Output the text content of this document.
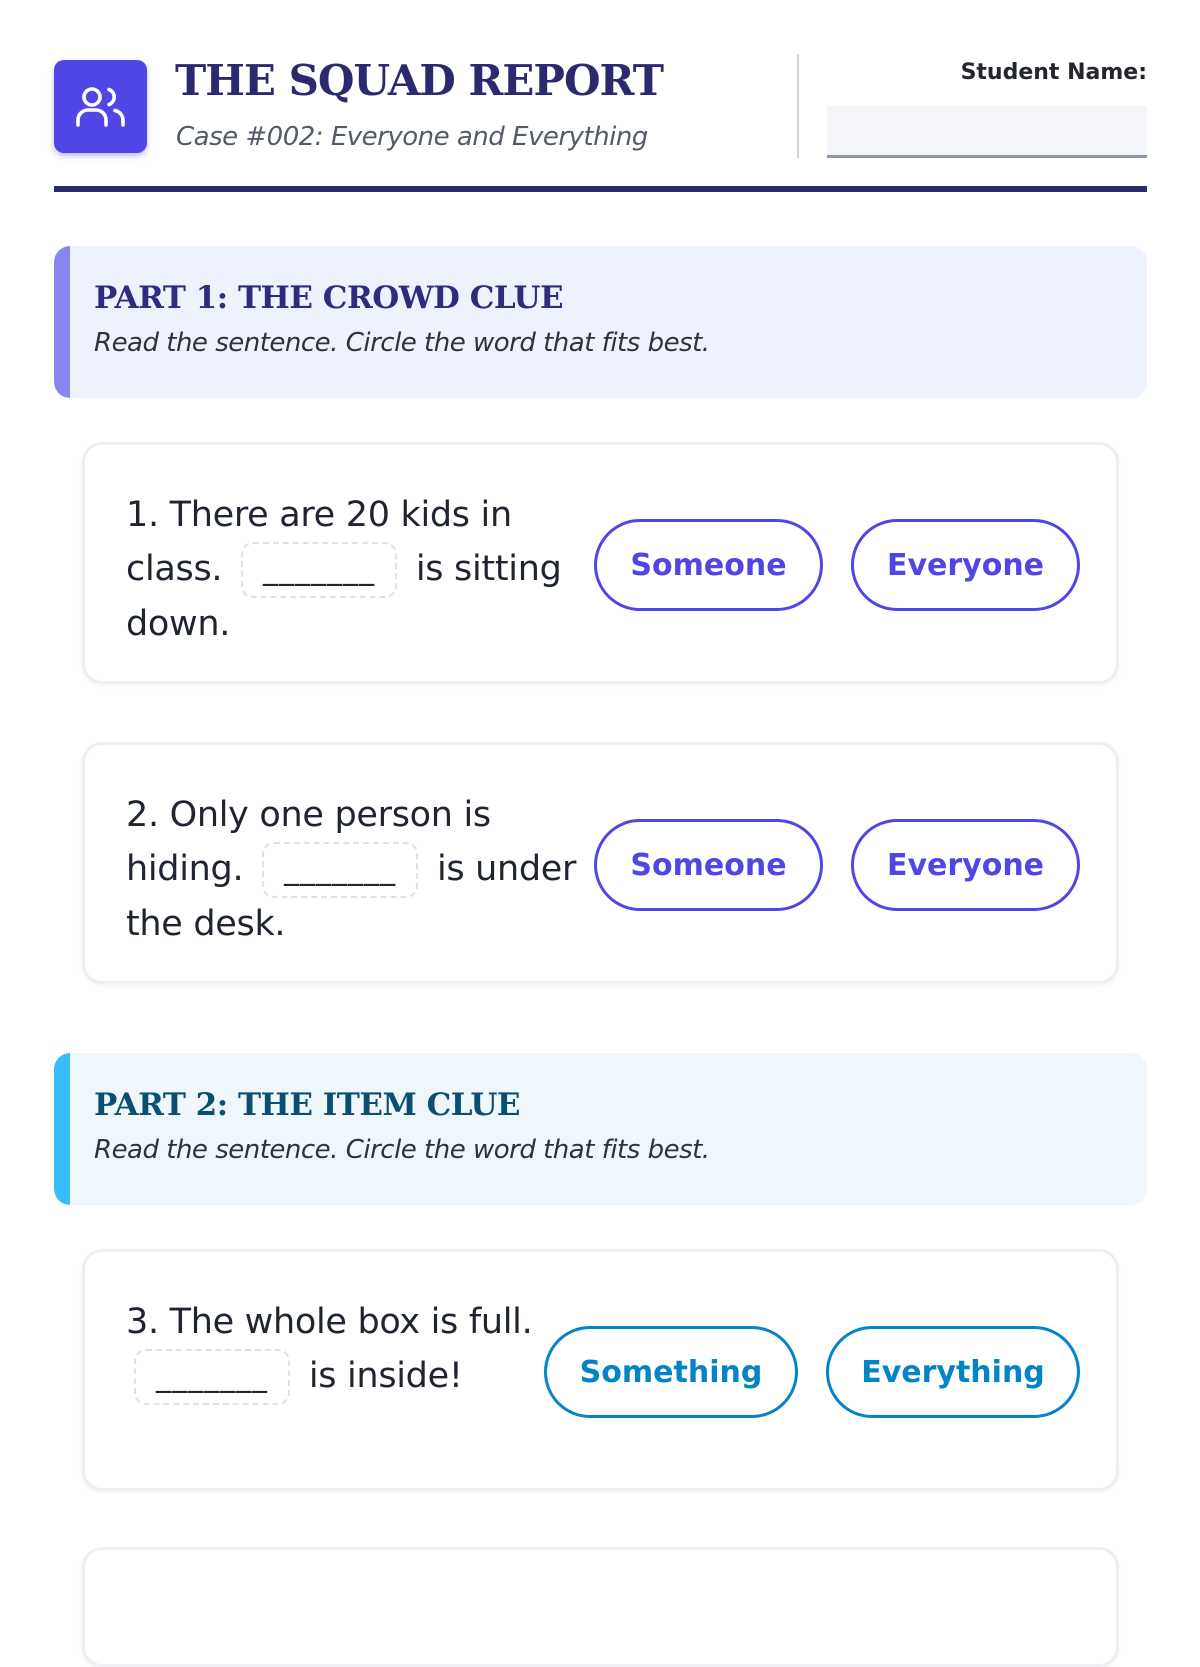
THE SQUAD REPORT
Case #002: Everyone and Everything
Student Name:
PART 1: THE CROWD CLUE
Read the sentence. Circle the word that fits best.
1. There are 20 kids in class. _______ is sitting down.
Someone	Everyone
2. Only one person is hiding. _______ is under the desk.
Someone	Everyone
PART 2: THE ITEM CLUE
Read the sentence. Circle the word that fits best.
3. The whole box is full. _______ is inside!	Something	Everything
